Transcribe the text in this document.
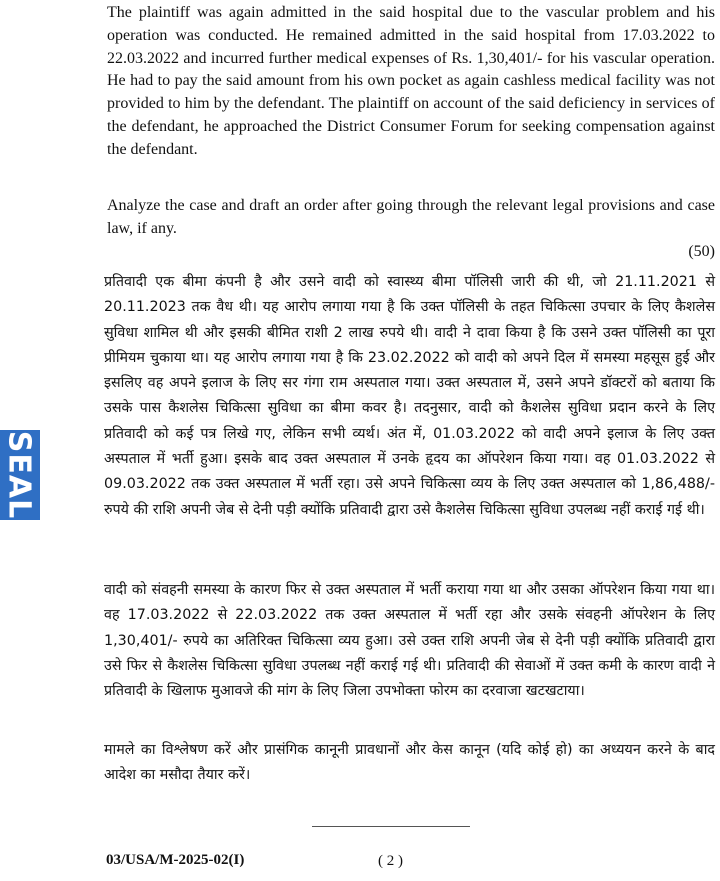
SEAL

The plaintiff was again admitted in the said hospital due to the vascular problem and his operation was conducted. He remained admitted in the said hospital from 17.03.2022 to 22.03.2022 and incurred further medical expenses of Rs. 1,30,401/- for his vascular operation. He had to pay the said amount from his own pocket as again cashless medical facility was not provided to him by the defendant. The plaintiff on account of the said deficiency in services of the defendant, he approached the District Consumer Forum for seeking compensation against the defendant.

Analyze the case and draft an order after going through the relevant legal provisions and case law, if any.
(50)

प्रतिवादी एक बीमा कंपनी है और उसने वादी को स्वास्थ्य बीमा पॉलिसी जारी की थी, जो 21.11.2021 से 20.11.2023 तक वैध थी। यह आरोप लगाया गया है कि उक्त पॉलिसी के तहत चिकित्सा उपचार के लिए कैशलेस सुविधा शामिल थी और इसकी बीमित राशी 2 लाख रुपये थी। वादी ने दावा किया है कि उसने उक्त पॉलिसी का पूरा प्रीमियम चुकाया था। यह आरोप लगाया गया है कि 23.02.2022 को वादी को अपने दिल में समस्या महसूस हुई और इसलिए वह अपने इलाज के लिए सर गंगा राम अस्पताल गया। उक्त अस्पताल में, उसने अपने डॉक्टरों को बताया कि उसके पास कैशलेस चिकित्सा सुविधा का बीमा कवर है। तदनुसार, वादी को कैशलेस सुविधा प्रदान करने के लिए प्रतिवादी को कई पत्र लिखे गए, लेकिन सभी व्यर्थ। अंत में, 01.03.2022 को वादी अपने इलाज के लिए उक्त अस्पताल में भर्ती हुआ। इसके बाद उक्त अस्पताल में उनके हृदय का ऑपरेशन किया गया। वह 01.03.2022 से 09.03.2022 तक उक्त अस्पताल में भर्ती रहा। उसे अपने चिकित्सा व्यय के लिए उक्त अस्पताल को 1,86,488/- रुपये की राशि अपनी जेब से देनी पड़ी क्योंकि प्रतिवादी द्वारा उसे कैशलेस चिकित्सा सुविधा उपलब्ध नहीं कराई गई थी।

वादी को संवहनी समस्या के कारण फिर से उक्त अस्पताल में भर्ती कराया गया था और उसका ऑपरेशन किया गया था। वह 17.03.2022 से 22.03.2022 तक उक्त अस्पताल में भर्ती रहा और उसके संवहनी ऑपरेशन के लिए 1,30,401/- रुपये का अतिरिक्त चिकित्सा व्यय हुआ। उसे उक्त राशि अपनी जेब से देनी पड़ी क्योंकि प्रतिवादी द्वारा उसे फिर से कैशलेस चिकित्सा सुविधा उपलब्ध नहीं कराई गई थी। प्रतिवादी की सेवाओं में उक्त कमी के कारण वादी ने प्रतिवादी के खिलाफ मुआवजे की मांग के लिए जिला उपभोक्ता फोरम का दरवाजा खटखटाया।

मामले का विश्लेषण करें और प्रासंगिक कानूनी प्रावधानों और केस कानून (यदि कोई हो) का अध्ययन करने के बाद आदेश का मसौदा तैयार करें।

03/USA/M-2025-02(I)	( 2 )
